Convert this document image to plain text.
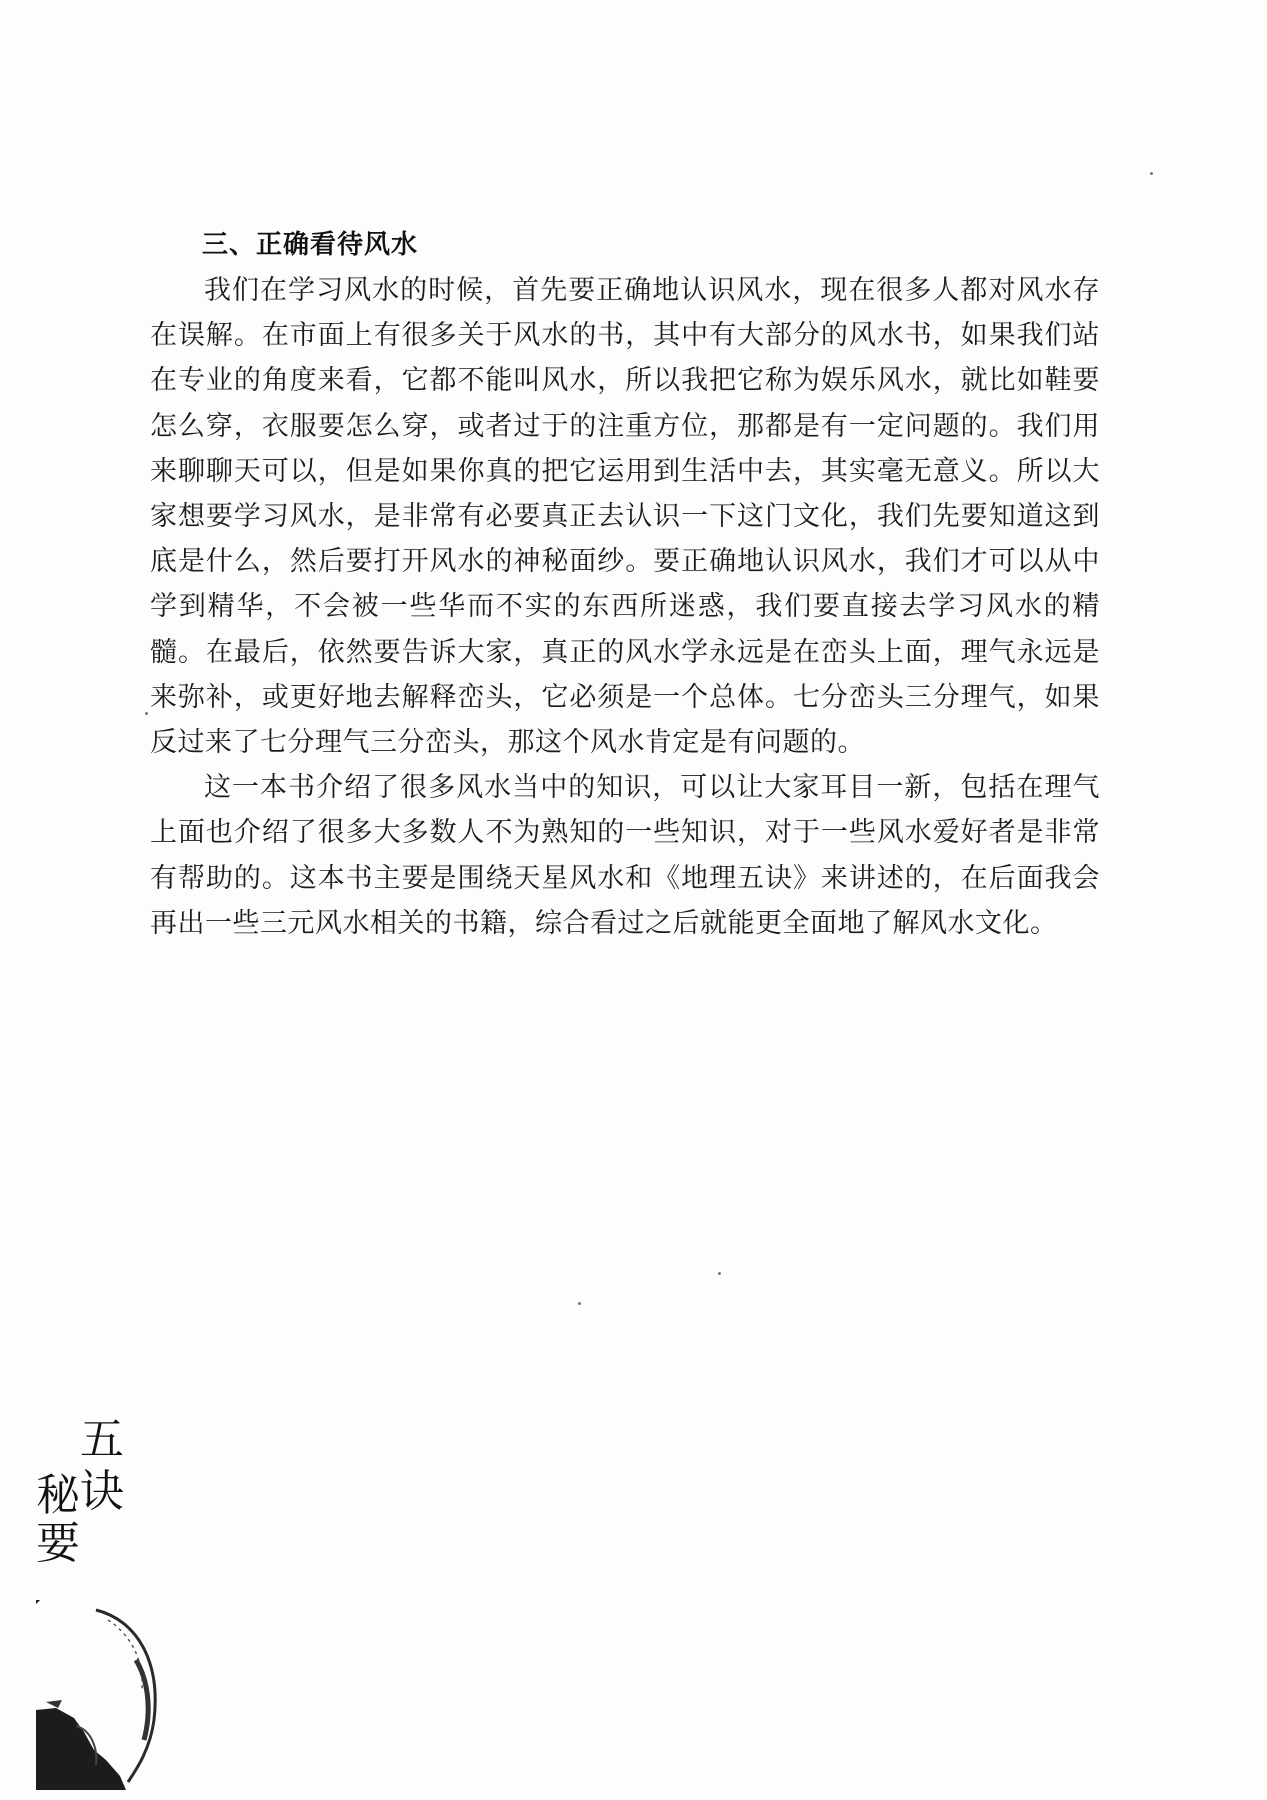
三、正确看待风水

我们在学习风水的时候，首先要正确地认识风水，现在很多人都对风水存在误解。在市面上有很多关于风水的书，其中有大部分的风水书，如果我们站在专业的角度来看，它都不能叫风水，所以我把它称为娱乐风水，就比如鞋要怎么穿，衣服要怎么穿，或者过于的注重方位，那都是有一定问题的。我们用来聊聊天可以，但是如果你真的把它运用到生活中去，其实毫无意义。所以大家想要学习风水，是非常有必要真正去认识一下这门文化，我们先要知道这到底是什么，然后要打开风水的神秘面纱。要正确地认识风水，我们才可以从中学到精华，不会被一些华而不实的东西所迷惑，我们要直接去学习风水的精髓。在最后，依然要告诉大家，真正的风水学永远是在峦头上面，理气永远是来弥补，或更好地去解释峦头，它必须是一个总体。七分峦头三分理气，如果反过来了七分理气三分峦头，那这个风水肯定是有问题的。

这一本书介绍了很多风水当中的知识，可以让大家耳目一新，包括在理气上面也介绍了很多大多数人不为熟知的一些知识，对于一些风水爱好者是非常有帮助的。这本书主要是围绕天星风水和《地理五诀》来讲述的，在后面我会再出一些三元风水相关的书籍，综合看过之后就能更全面地了解风水文化。

五
诀
秘
要
